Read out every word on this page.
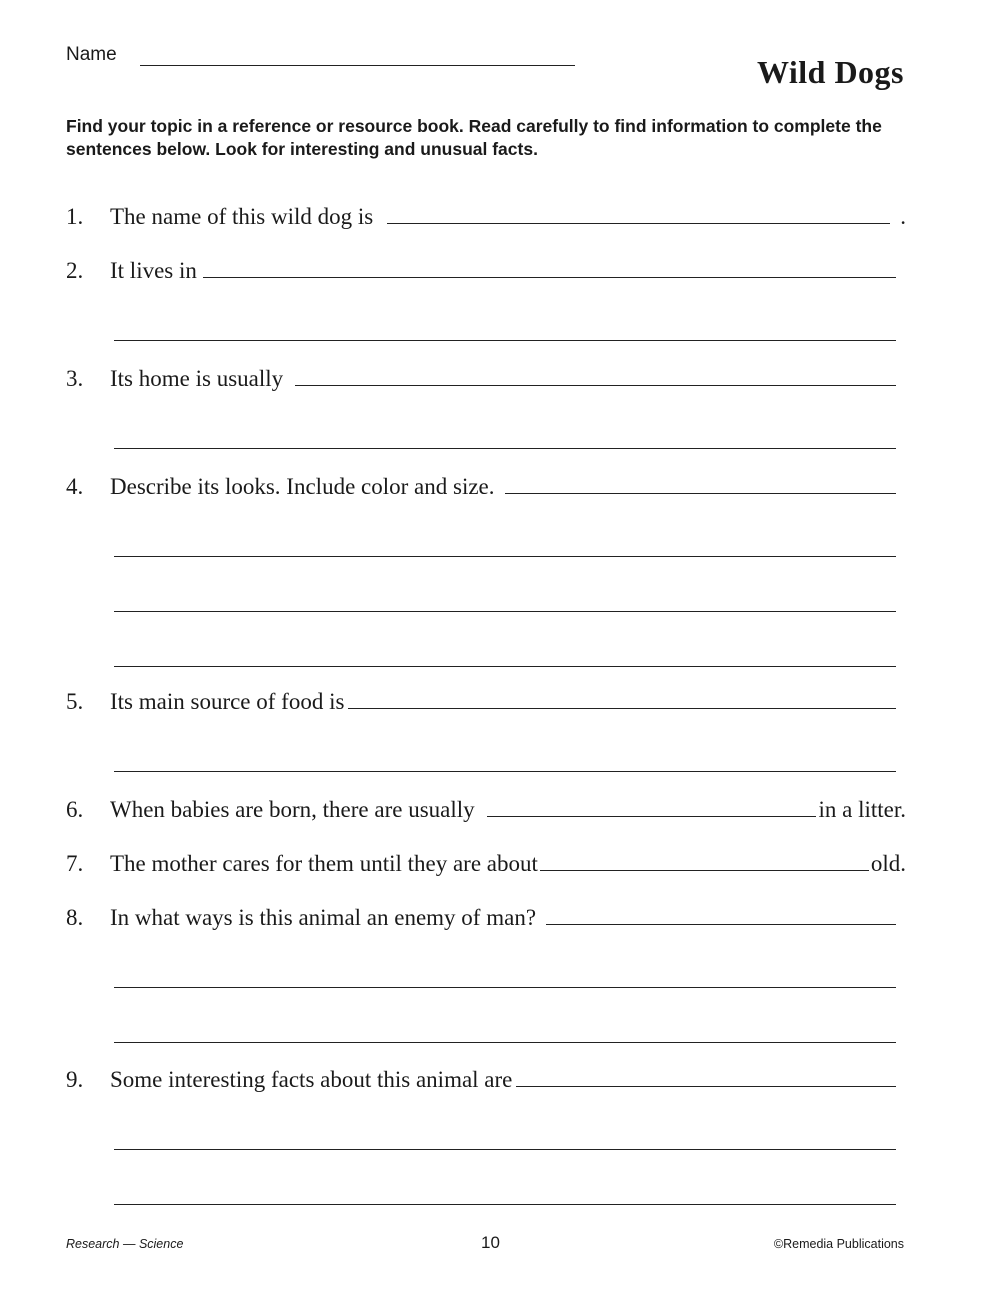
Name	Wild Dogs
Find your topic in a reference or resource book. Read carefully to find information to complete the sentences below. Look for interesting and unusual facts.
1.	The name of this wild dog is	.
2.	It lives in
3.	Its home is usually
4.	Describe its looks. Include color and size.
5.	Its main source of food is
6.	When babies are born, there are usually	in a litter.
7.	The mother cares for them until they are about	old.
8.	In what ways is this animal an enemy of man?
9.	Some interesting facts about this animal are
Research — Science	10	©Remedia Publications
